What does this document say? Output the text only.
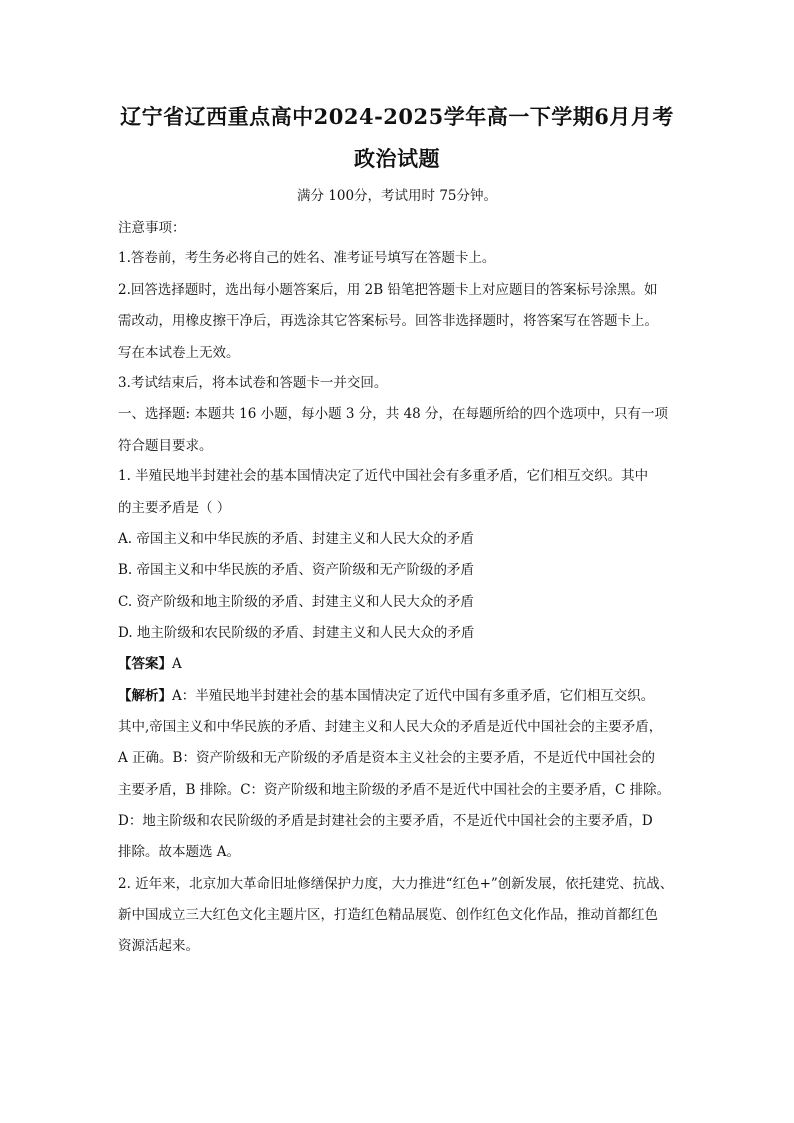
辽宁省辽西重点高中2024-2025学年高一下学期6月月考
政治试题
满分 100分，考试用时 75分钟。
注意事项：
1.答卷前，考生务必将自己的姓名、准考证号填写在答题卡上。
2.回答选择题时，选出每小题答案后，用 2B 铅笔把答题卡上对应题目的答案标号涂黑。如
需改动，用橡皮擦干净后，再选涂其它答案标号。回答非选择题时，将答案写在答题卡上。
写在本试卷上无效。
3.考试结束后，将本试卷和答题卡一并交回。
一、选择题: 本题共 16 小题，每小题 3 分，共 48 分，在每题所给的四个选项中，只有一项
符合题目要求。
1. 半殖民地半封建社会的基本国情决定了近代中国社会有多重矛盾，它们相互交织。其中
的主要矛盾是（ ）
A. 帝国主义和中华民族的矛盾、封建主义和人民大众的矛盾
B. 帝国主义和中华民族的矛盾、资产阶级和无产阶级的矛盾
C. 资产阶级和地主阶级的矛盾、封建主义和人民大众的矛盾
D. 地主阶级和农民阶级的矛盾、封建主义和人民大众的矛盾
【答案】A
【解析】A：半殖民地半封建社会的基本国情决定了近代中国有多重矛盾，它们相互交织。
其中,帝国主义和中华民族的矛盾、封建主义和人民大众的矛盾是近代中国社会的主要矛盾，
A 正确。B：资产阶级和无产阶级的矛盾是资本主义社会的主要矛盾，不是近代中国社会的
主要矛盾，B 排除。C：资产阶级和地主阶级的矛盾不是近代中国社会的主要矛盾，C 排除。
D：地主阶级和农民阶级的矛盾是封建社会的主要矛盾，不是近代中国社会的主要矛盾，D
排除。故本题选 A。
2. 近年来，北京加大革命旧址修缮保护力度，大力推进“红色+”创新发展，依托建党、抗战、
新中国成立三大红色文化主题片区，打造红色精品展览、创作红色文化作品，推动首都红色
资源活起来。
